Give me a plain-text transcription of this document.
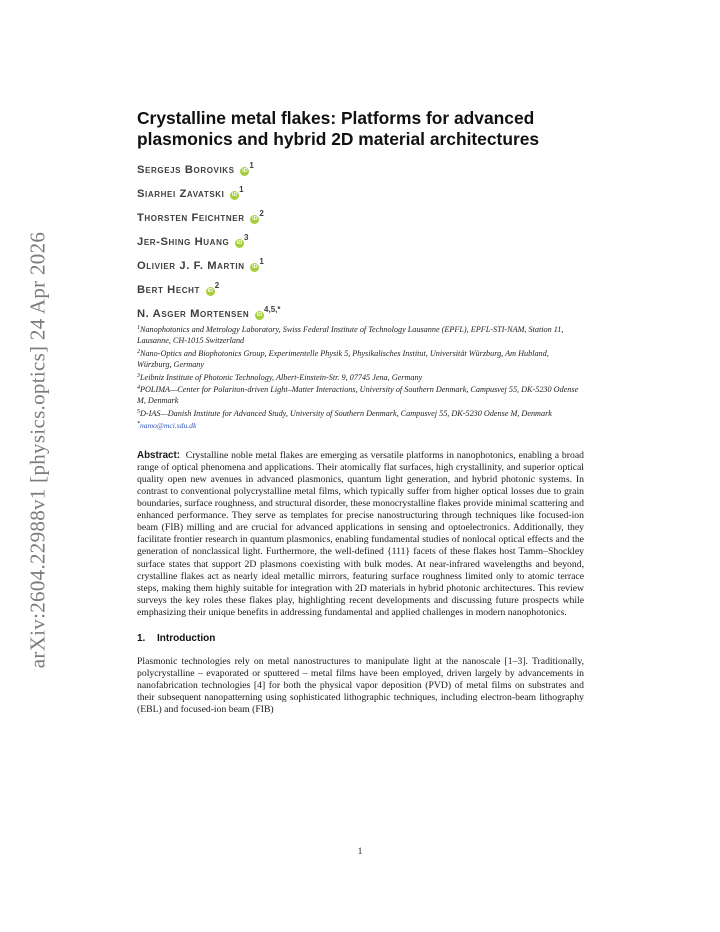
arXiv:2604.22988v1 [physics.optics] 24 Apr 2026
Crystalline metal flakes: Platforms for advanced plasmonics and hybrid 2D material architectures
Sergejs Boroviks $iD^1$
Siarhei Zavatski $iD^1$
Thorsten Feichtner $iD^2$
Jer-Shing Huang $iD^3$
Olivier J. F. Martin $iD^1$
Bert Hecht $iD^2$
N. Asger Mortensen $iD^{4,5,*}$
$^1$Nanophotonics and Metrology Laboratory, Swiss Federal Institute of Technology Lausanne (EPFL), EPFL-STI-NAM, Station 11, Lausanne, CH-1015 Switzerland
$^2$Nano-Optics and Biophotonics Group, Experimentelle Physik 5, Physikalisches Institut, Universität Würzburg, Am Hubland, Würzburg, Germany
$^3$Leibniz Institute of Photonic Technology, Albert-Einstein-Str. 9, 07745 Jena, Germany
$^4$POLIMA—Center for Polariton-driven Light–Matter Interactions, University of Southern Denmark, Campusvej 55, DK-5230 Odense M, Denmark
$^5$D-IAS—Danish Institute for Advanced Study, University of Southern Denmark, Campusvej 55, DK-5230 Odense M, Denmark
*namo@mci.sdu.dk
Abstract: Crystalline noble metal flakes are emerging as versatile platforms in nanophotonics, enabling a broad range of optical phenomena and applications. Their atomically flat surfaces, high crystallinity, and superior optical quality open new avenues in advanced plasmonics, quantum light generation, and hybrid photonic systems. In contrast to conventional polycrystalline metal films, which typically suffer from higher optical losses due to grain boundaries, surface roughness, and structural disorder, these monocrystalline flakes provide minimal scattering and enhanced performance. They serve as templates for precise nanostructuring through techniques like focused-ion beam (FIB) milling and are crucial for advanced applications in sensing and optoelectronics. Additionally, they facilitate frontier research in quantum plasmonics, enabling fundamental studies of nonlocal optical effects and the generation of nonclassical light. Furthermore, the well-defined {111} facets of these flakes host Tamm–Shockley surface states that support 2D plasmons coexisting with bulk modes. At near-infrared wavelengths and beyond, crystalline flakes act as nearly ideal metallic mirrors, featuring surface roughness limited only to atomic terrace steps, making them highly suitable for integration with 2D materials in hybrid photonic architectures. This review surveys the key roles these flakes play, highlighting recent developments and discussing future prospects while emphasizing their unique benefits in addressing fundamental and applied challenges in modern nanophotonics.
1. Introduction
Plasmonic technologies rely on metal nanostructures to manipulate light at the nanoscale [1–3]. Traditionally, polycrystalline – evaporated or sputtered – metal films have been employed, driven largely by advancements in nanofabrication technologies [4] for both the physical vapor deposition (PVD) of metal films on substrates and their subsequent nanopatterning using sophisticated lithographic techniques, including electron-beam lithography (EBL) and focused-ion beam (FIB)
1
